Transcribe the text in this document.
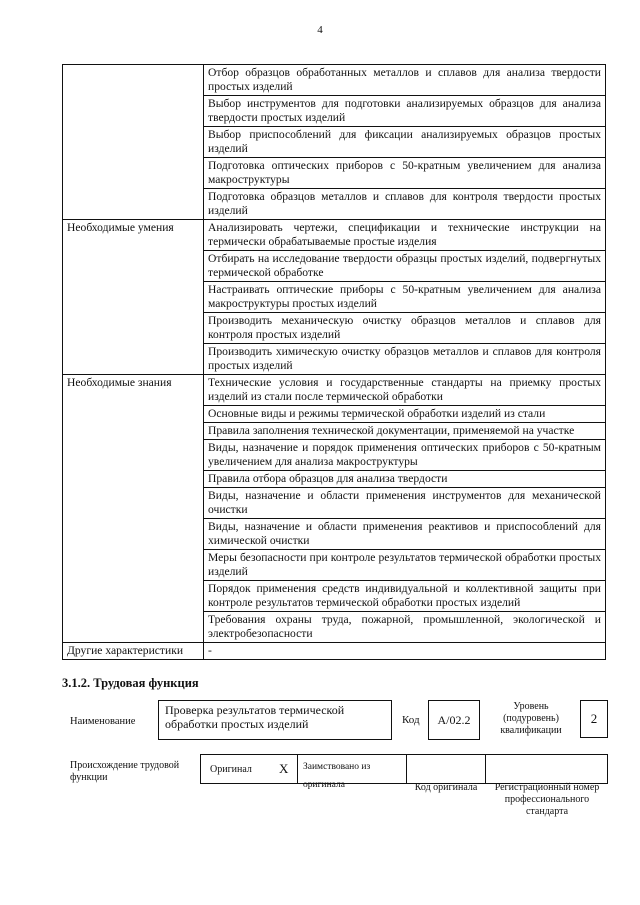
4
	Отбор образцов обработанных металлов и сплавов для анализа твердости простых изделий
	Выбор инструментов для подготовки анализируемых образцов для анализа твердости простых изделий
	Выбор приспособлений для фиксации анализируемых образцов простых изделий
	Подготовка оптических приборов с 50-кратным увеличением для анализа макроструктуры
	Подготовка образцов металлов и сплавов для контроля твердости простых изделий
Необходимые умения	Анализировать чертежи, спецификации и технические инструкции на термически обрабатываемые простые изделия
	Отбирать на исследование твердости образцы простых изделий, подвергнутых термической обработке
	Настраивать оптические приборы с 50-кратным увеличением для анализа макроструктуры простых изделий
	Производить механическую очистку образцов металлов и сплавов для контроля простых изделий
	Производить химическую очистку образцов металлов и сплавов для контроля простых изделий
Необходимые знания	Технические условия и государственные стандарты на приемку простых изделий из стали после термической обработки
	Основные виды и режимы термической обработки изделий из стали
	Правила заполнения технической документации, применяемой на участке
	Виды, назначение и порядок применения оптических приборов с 50-кратным увеличением для анализа макроструктуры
	Правила отбора образцов для анализа твердости
	Виды, назначение и области применения инструментов для механической очистки
	Виды, назначение и области применения реактивов и приспособлений для химической очистки
	Меры безопасности при контроле результатов термической обработки простых изделий
	Порядок применения средств индивидуальной и коллективной защиты при контроле результатов термической обработки простых изделий
	Требования охраны труда, пожарной, промышленной, экологической и электробезопасности
Другие характеристики	-
3.1.2. Трудовая функция
Наименование
Проверка результатов термической обработки простых изделий	Код	А/02.2
Уровень (подуровень) квалификации
2
Происхождение трудовой функции
Оригинал X	Заимствовано из оригинала	Код оригинала	Регистрационный номер профессионального стандарта
